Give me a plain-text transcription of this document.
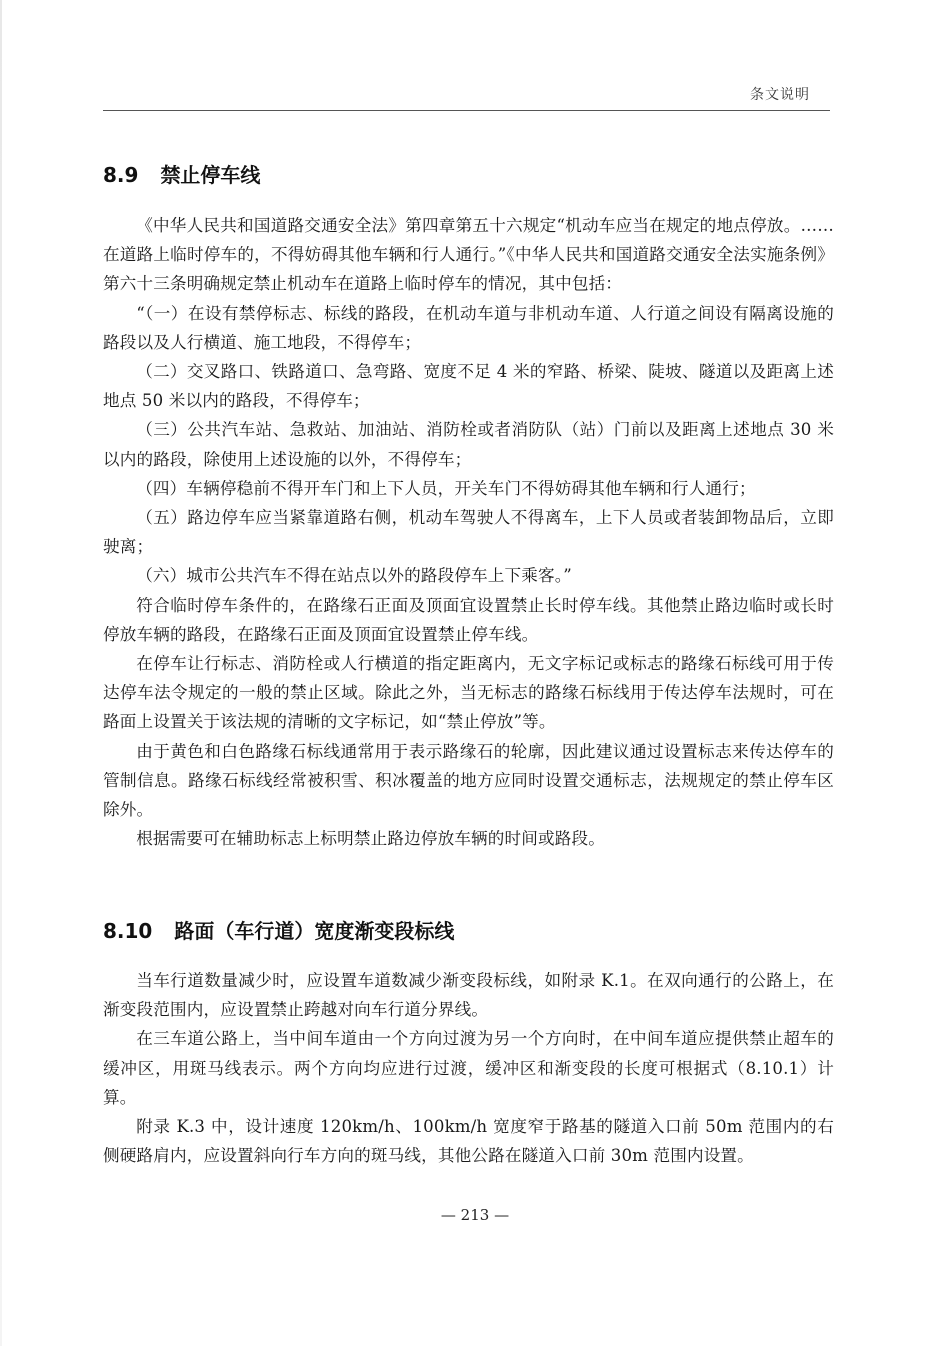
条文说明
8.9 禁止停车线

《中华人民共和国道路交通安全法》第四章第五十六规定“机动车应当在规定的地点停放。……在道路上临时停车的，不得妨碍其他车辆和行人通行。”《中华人民共和国道路交通安全法实施条例》第六十三条明确规定禁止机动车在道路上临时停车的情况，其中包括：

“（一）在设有禁停标志、标线的路段，在机动车道与非机动车道、人行道之间设有隔离设施的路段以及人行横道、施工地段，不得停车；

（二）交叉路口、铁路道口、急弯路、宽度不足 4 米的窄路、桥梁、陡坡、隧道以及距离上述地点 50 米以内的路段，不得停车；

（三）公共汽车站、急救站、加油站、消防栓或者消防队（站）门前以及距离上述地点 30 米以内的路段，除使用上述设施的以外，不得停车；

（四）车辆停稳前不得开车门和上下人员，开关车门不得妨碍其他车辆和行人通行；

（五）路边停车应当紧靠道路右侧，机动车驾驶人不得离车，上下人员或者装卸物品后，立即驶离；

（六）城市公共汽车不得在站点以外的路段停车上下乘客。”

符合临时停车条件的，在路缘石正面及顶面宜设置禁止长时停车线。其他禁止路边临时或长时停放车辆的路段，在路缘石正面及顶面宜设置禁止停车线。

在停车让行标志、消防栓或人行横道的指定距离内，无文字标记或标志的路缘石标线可用于传达停车法令规定的一般的禁止区域。除此之外，当无标志的路缘石标线用于传达停车法规时，可在路面上设置关于该法规的清晰的文字标记，如“禁止停放”等。

由于黄色和白色路缘石标线通常用于表示路缘石的轮廓，因此建议通过设置标志来传达停车的管制信息。路缘石标线经常被积雪、积冰覆盖的地方应同时设置交通标志，法规规定的禁止停车区除外。

根据需要可在辅助标志上标明禁止路边停放车辆的时间或路段。

8.10 路面（车行道）宽度渐变段标线

当车行道数量减少时，应设置车道数减少渐变段标线，如附录 K.1。在双向通行的公路上，在渐变段范围内，应设置禁止跨越对向车行道分界线。

在三车道公路上，当中间车道由一个方向过渡为另一个方向时，在中间车道应提供禁止超车的缓冲区，用斑马线表示。两个方向均应进行过渡，缓冲区和渐变段的长度可根据式（8.10.1）计算。

附录 K.3 中，设计速度 120km/h、100km/h 宽度窄于路基的隧道入口前 50m 范围内的右侧硬路肩内，应设置斜向行车方向的斑马线，其他公路在隧道入口前 30m 范围内设置。

— 213 —
